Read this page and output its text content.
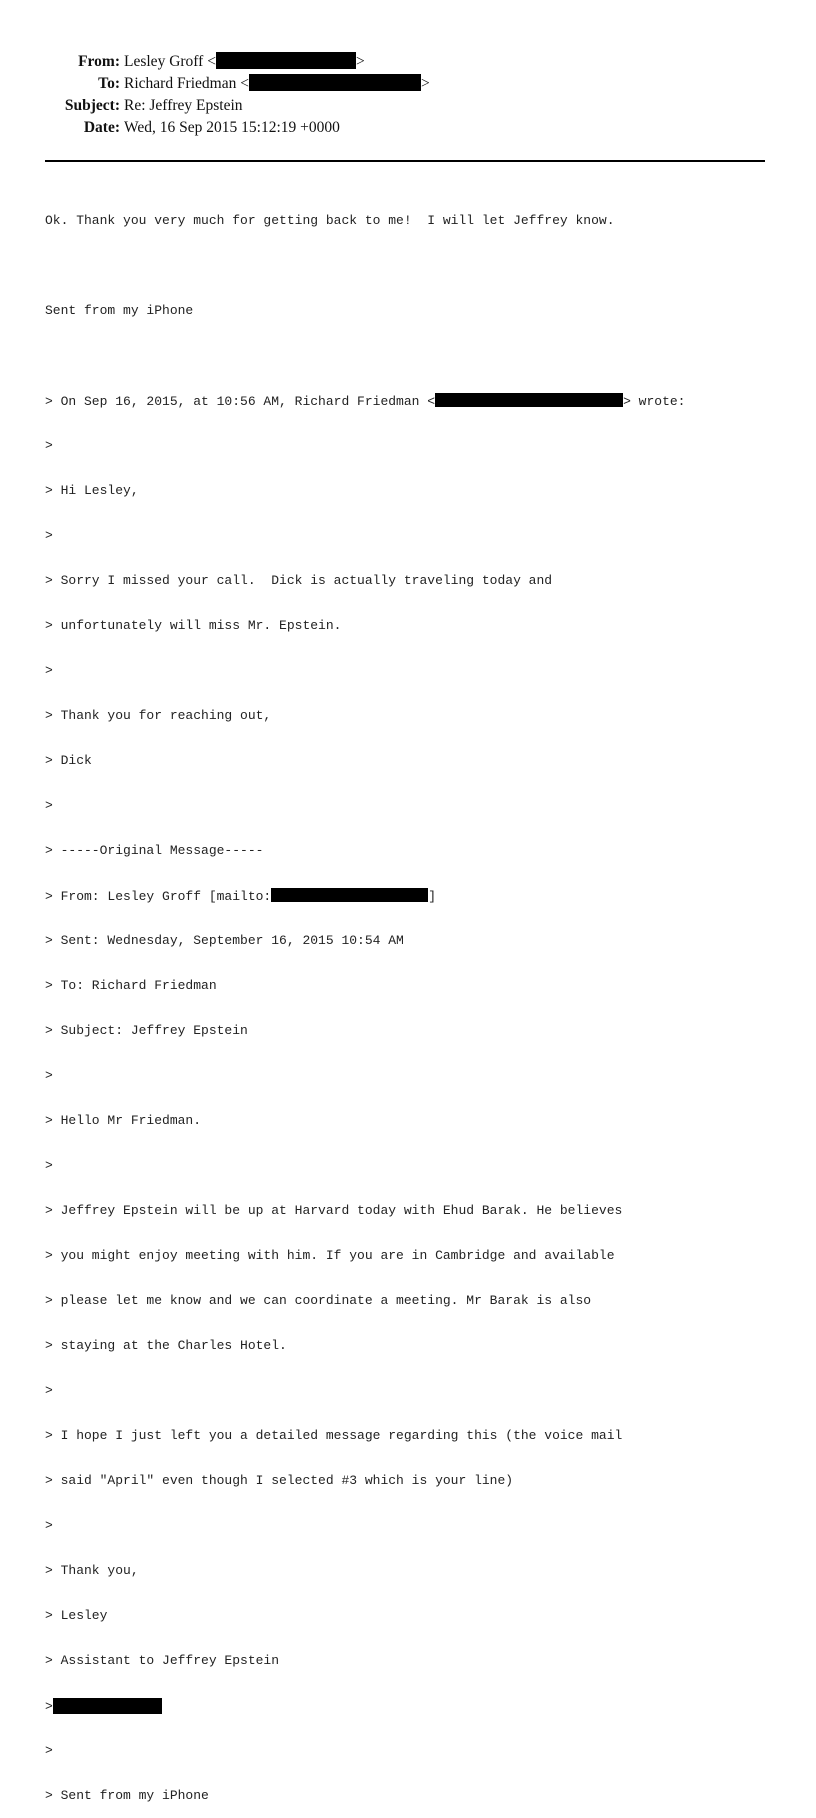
From: Lesley Groff <	>
To: Richard Friedman <	>
Subject: Re: Jeffrey Epstein
Date: Wed, 16 Sep 2015 15:12:19 +0000

Ok. Thank you very much for getting back to me!  I will let Jeffrey know.

Sent from my iPhone

> On Sep 16, 2015, at 10:56 AM, Richard Friedman <	> wrote:

>

> Hi Lesley,

>

> Sorry I missed your call.  Dick is actually traveling today and

> unfortunately will miss Mr. Epstein.

>

> Thank you for reaching out,

> Dick

>

> -----Original Message-----

> From: Lesley Groff [mailto:	]

> Sent: Wednesday, September 16, 2015 10:54 AM

> To: Richard Friedman

> Subject: Jeffrey Epstein

>

> Hello Mr Friedman.

>

> Jeffrey Epstein will be up at Harvard today with Ehud Barak. He believes

> you might enjoy meeting with him. If you are in Cambridge and available

> please let me know and we can coordinate a meeting. Mr Barak is also

> staying at the Charles Hotel.

>

> I hope I just left you a detailed message regarding this (the voice mail

> said "April" even though I selected #3 which is your line)

>

> Thank you,

> Lesley

> Assistant to Jeffrey Epstein

>

>

> Sent from my iPhone
